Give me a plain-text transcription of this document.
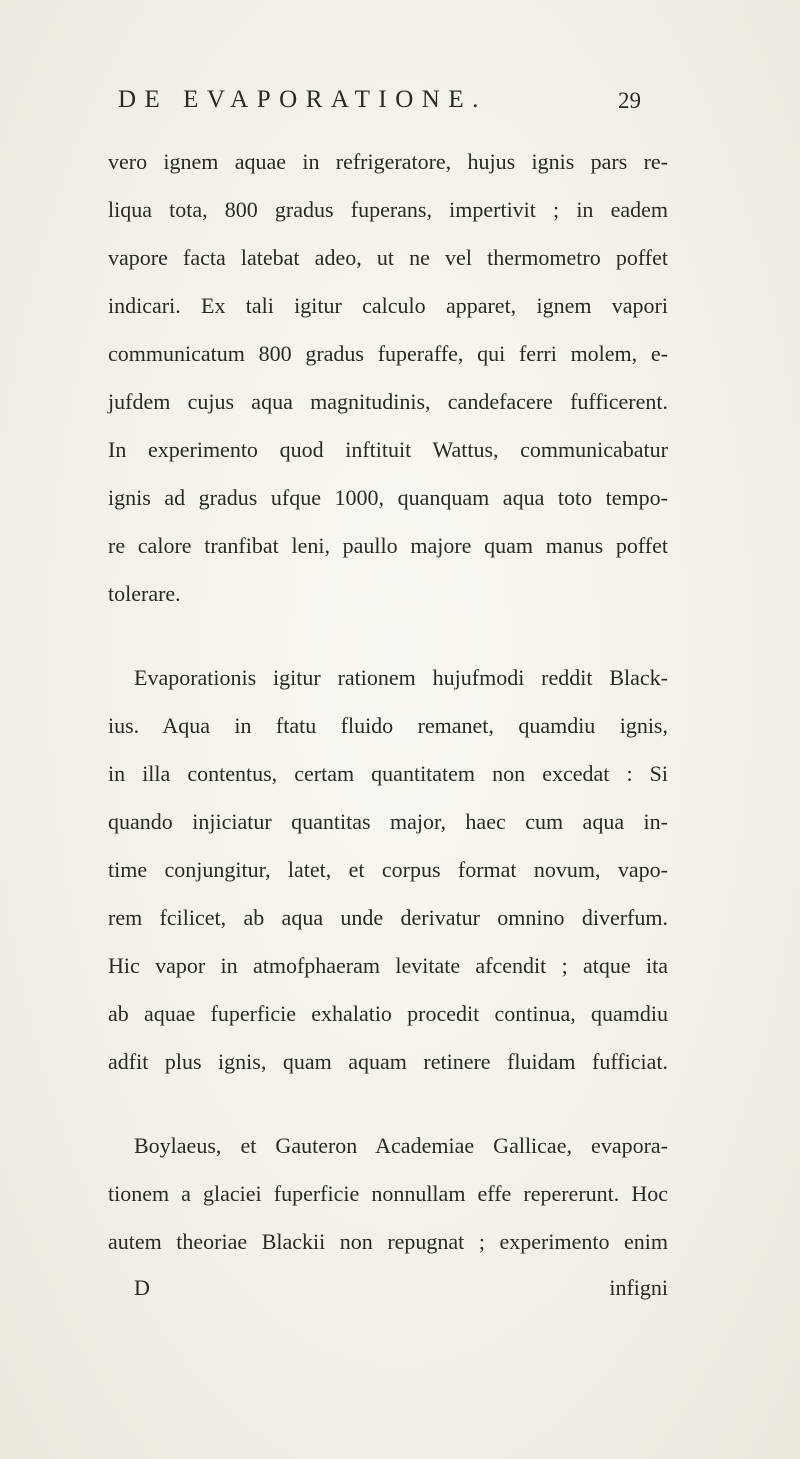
DE EVAPORATIONE.	29
vero ignem aquae in refrigeratore, hujus ignis pars re-
liqua tota, 800 gradus fuperans, impertivit ; in eadem
vapore facta latebat adeo, ut ne vel thermometro poffet
indicari. Ex tali igitur calculo apparet, ignem vapori
communicatum 800 gradus fuperaffe, qui ferri molem, e-
jufdem cujus aqua magnitudinis, candefacere fufficerent.
In experimento quod inftituit Wattus, communicabatur
ignis ad gradus ufque 1000, quanquam aqua toto tempo-
re calore tranfibat leni, paullo majore quam manus poffet
tolerare.
Evaporationis igitur rationem hujufmodi reddit Black-
ius. Aqua in ftatu fluido remanet, quamdiu ignis,
in illa contentus, certam quantitatem non excedat : Si
quando injiciatur quantitas major, haec cum aqua in-
time conjungitur, latet, et corpus format novum, vapo-
rem fcilicet, ab aqua unde derivatur omnino diverfum.
Hic vapor in atmofphaeram levitate afcendit ; atque ita
ab aquae fuperficie exhalatio procedit continua, quamdiu
adfit plus ignis, quam aquam retinere fluidam fufficiat.
Boylaeus, et Gauteron Academiae Gallicae, evapora-
tionem a glaciei fuperficie nonnullam effe repererunt. Hoc
autem theoriae Blackii non repugnat ; experimento enim
D	infigni
